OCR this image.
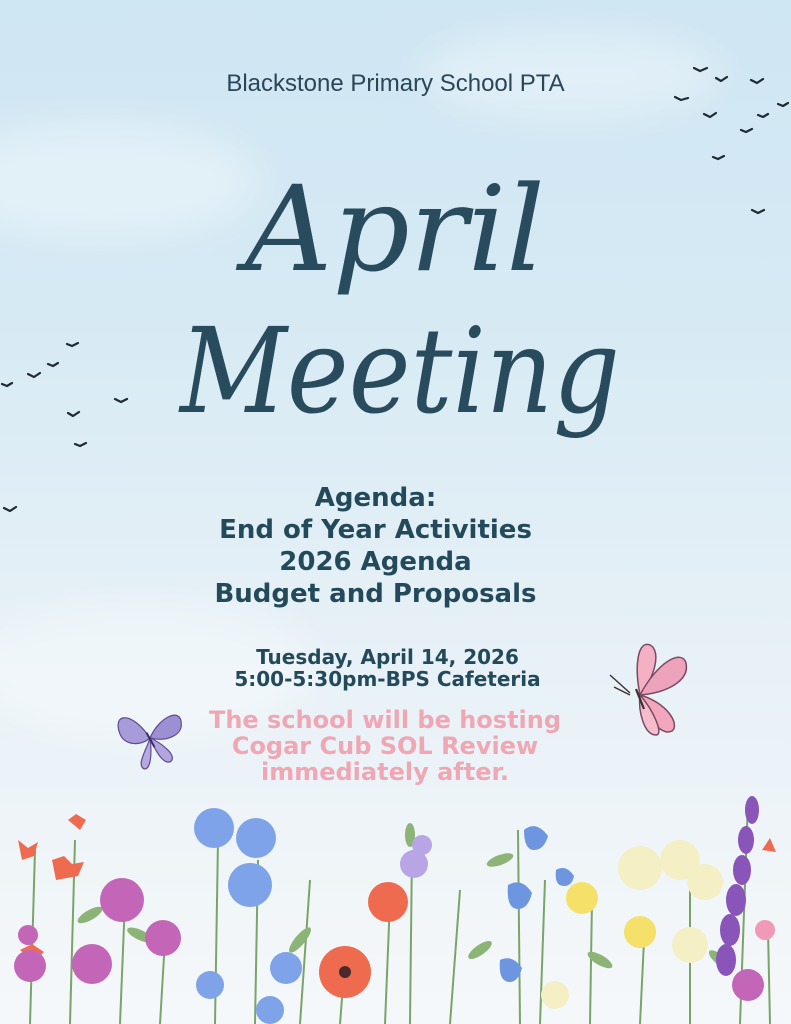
Blackstone Primary School PTA
April
Meeting
Agenda:
End of Year Activities
2026 Agenda
Budget and Proposals
Tuesday, April 14, 2026
5:00-5:30pm-BPS Cafeteria
The school will be hosting
Cogar Cub SOL Review
immediately after.
